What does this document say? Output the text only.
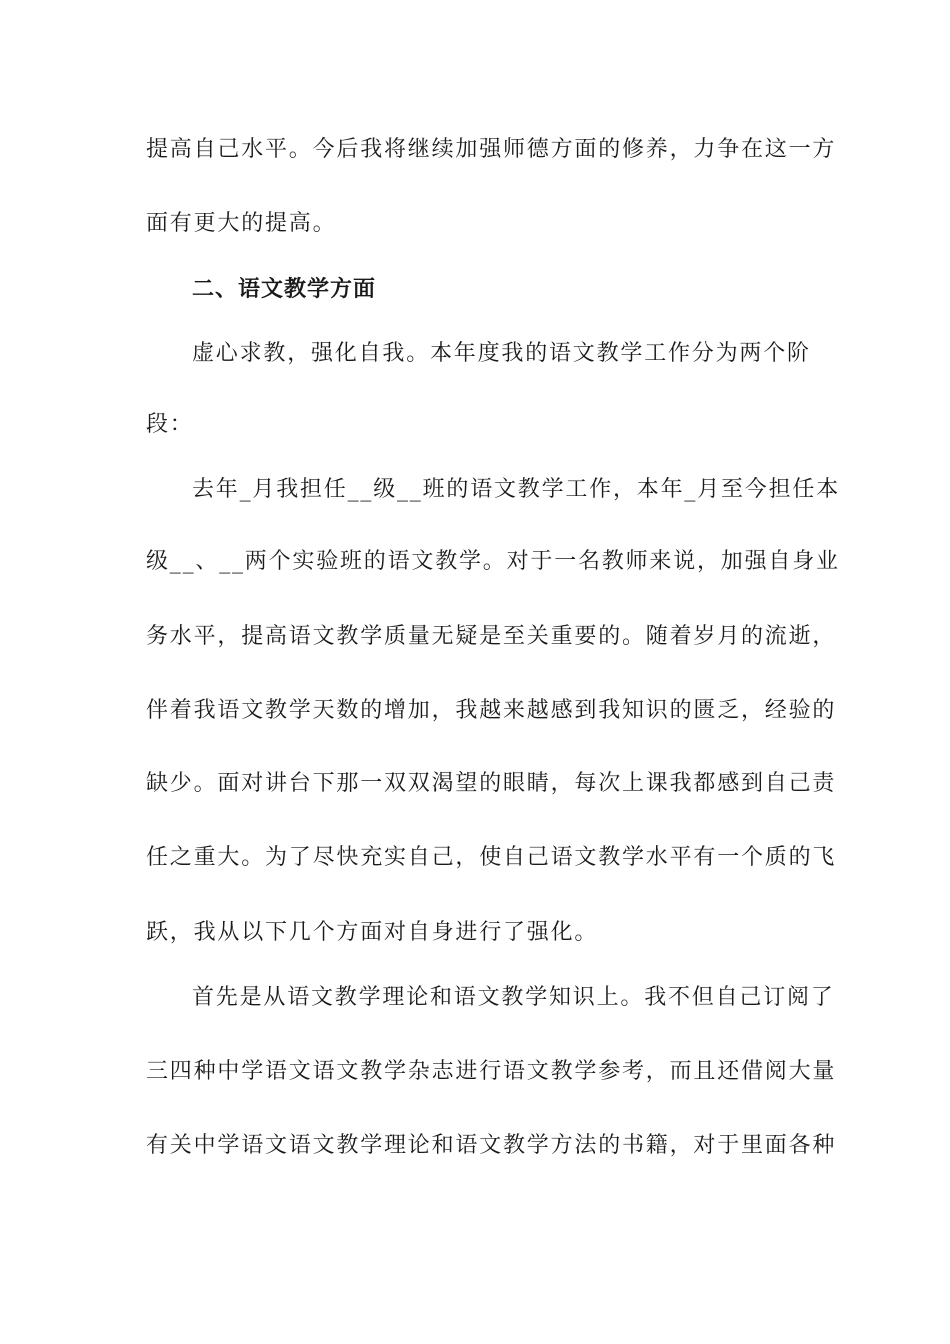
提高自己水平。今后我将继续加强师德方面的修养，力争在这一方
面有更大的提高。
二、语文教学方面
虚心求教，强化自我。本年度我的语文教学工作分为两个阶
段：
去年_月我担任__级__班的语文教学工作，本年_月至今担任本
级__、__两个实验班的语文教学。对于一名教师来说，加强自身业
务水平，提高语文教学质量无疑是至关重要的。随着岁月的流逝，
伴着我语文教学天数的增加，我越来越感到我知识的匮乏，经验的
缺少。面对讲台下那一双双渴望的眼睛，每次上课我都感到自己责
任之重大。为了尽快充实自己，使自己语文教学水平有一个质的飞
跃，我从以下几个方面对自身进行了强化。
首先是从语文教学理论和语文教学知识上。我不但自己订阅了
三四种中学语文语文教学杂志进行语文教学参考，而且还借阅大量
有关中学语文语文教学理论和语文教学方法的书籍，对于里面各种
